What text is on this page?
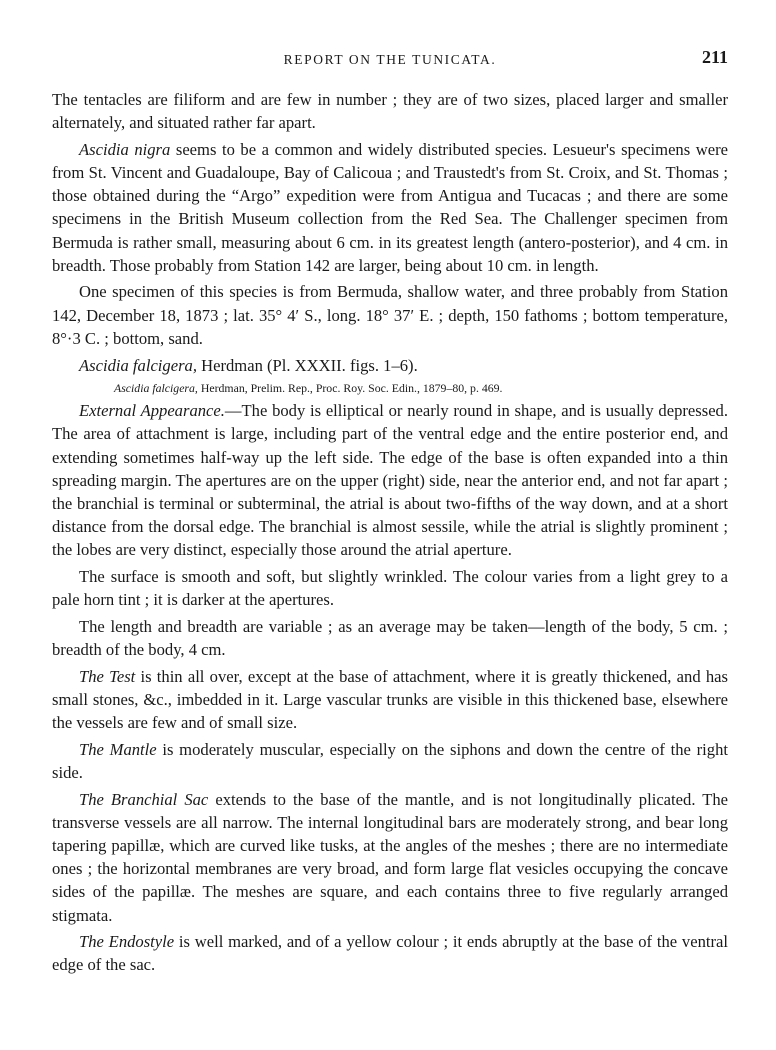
REPORT ON THE TUNICATA.	211

The tentacles are filiform and are few in number ; they are of two sizes, placed larger and smaller alternately, and situated rather far apart.

Ascidia nigra seems to be a common and widely distributed species. Lesueur's specimens were from St. Vincent and Guadaloupe, Bay of Calicoua ; and Traustedt's from St. Croix, and St. Thomas ; those obtained during the “Argo” expedition were from Antigua and Tucacas ; and there are some specimens in the British Museum collection from the Red Sea. The Challenger specimen from Bermuda is rather small, measuring about 6 cm. in its greatest length (antero-posterior), and 4 cm. in breadth. Those probably from Station 142 are larger, being about 10 cm. in length.

One specimen of this species is from Bermuda, shallow water, and three probably from Station 142, December 18, 1873 ; lat. 35° 4′ S., long. 18° 37′ E. ; depth, 150 fathoms ; bottom temperature, 8°·3 C. ; bottom, sand.

Ascidia falcigera, Herdman (Pl. XXXII. figs. 1–6).

Ascidia falcigera, Herdman, Prelim. Rep., Proc. Roy. Soc. Edin., 1879–80, p. 469.

External Appearance.—The body is elliptical or nearly round in shape, and is usually depressed. The area of attachment is large, including part of the ventral edge and the entire posterior end, and extending sometimes half-way up the left side. The edge of the base is often expanded into a thin spreading margin. The apertures are on the upper (right) side, near the anterior end, and not far apart ; the branchial is terminal or subterminal, the atrial is about two-fifths of the way down, and at a short distance from the dorsal edge. The branchial is almost sessile, while the atrial is slightly prominent ; the lobes are very distinct, especially those around the atrial aperture.

The surface is smooth and soft, but slightly wrinkled. The colour varies from a light grey to a pale horn tint ; it is darker at the apertures.

The length and breadth are variable ; as an average may be taken—length of the body, 5 cm. ; breadth of the body, 4 cm.

The Test is thin all over, except at the base of attachment, where it is greatly thickened, and has small stones, &c., imbedded in it. Large vascular trunks are visible in this thickened base, elsewhere the vessels are few and of small size.

The Mantle is moderately muscular, especially on the siphons and down the centre of the right side.

The Branchial Sac extends to the base of the mantle, and is not longitudinally plicated. The transverse vessels are all narrow. The internal longitudinal bars are moderately strong, and bear long tapering papillæ, which are curved like tusks, at the angles of the meshes ; there are no intermediate ones ; the horizontal membranes are very broad, and form large flat vesicles occupying the concave sides of the papillæ. The meshes are square, and each contains three to five regularly arranged stigmata.

The Endostyle is well marked, and of a yellow colour ; it ends abruptly at the base of the ventral edge of the sac.
